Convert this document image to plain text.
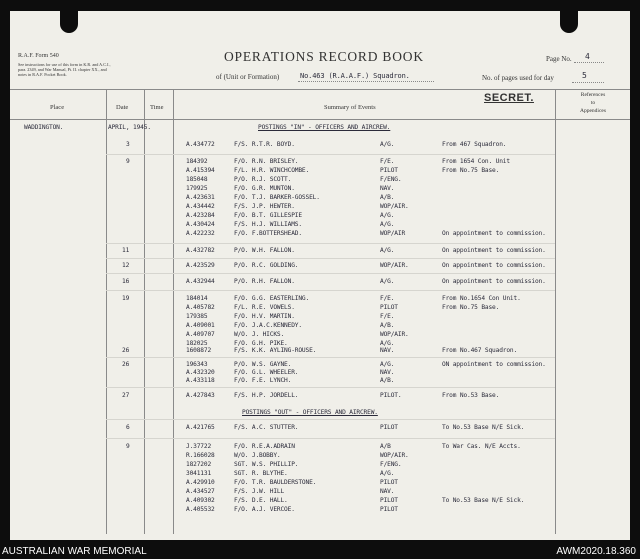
R.A.F. Form 540
See instructions for use of this form in K.R. and A.C.I.,
para. 2349, and War Manual, Pt. II. chapter XX., and
notes in R.A.F. Pocket Book.
OPERATIONS RECORD BOOK
of (Unit or Formation)	No.463 (R.A.A.F.) Squadron.
Page No. 4
No. of pages used for day	5
Place	Date	Time	Summary of Events
SECRET.	References
to
Appendices
WADDINGTON.	APRIL, 1945.	POSTINGS "IN" - OFFICERS AND AIRCREW.
3	A.434772	F/S. R.T.R. BOYD.	A/G.	From 467 Squadron.
9	184392	F/O. R.N. BRISLEY.	F/E.	From 1654 Con. Unit
A.415394	F/L. H.R. WINCHCOMBE.	PILOT	From No.75 Base.
185048	P/O. R.J. SCOTT.	F/ENG.
179925	F/O. G.R. MUNTON.	NAV.
A.423631	F/O. T.J. BARKER-GOSSEL.	A/B.
A.434442	F/S. J.P. HEWTER.	WOP/AIR.
A.423284	F/O. B.T. GILLESPIE	A/G.
A.430424	F/S. H.J. WILLIAMS.	A/G.
A.422232	F/O. F.BOTTERSHEAD.	WOP/AIR	On appointment to commission.
11	A.432782	P/O. W.H. FALLON.	A/G.	On appointment to commission.
12	A.423529	P/O. R.C. GOLDING.	WOP/AIR.	On appointment to commission.
16	A.432944	P/O. R.H. FALLON.	A/G.	On appointment to commission.
19	184014	F/O. G.G. EASTERLING.	F/E.	From No.1654 Con Unit.
A.405782	F/L. R.E. VOWELS.	PILOT	From No.75 Base.
179385	F/O. H.V. MARTIN.	F/E.
A.409001	F/O. J.A.C.KENNEDY.	A/B.
A.409707	W/O. J. HICKS.	WOP/AIR.
182025	F/O. G.H. PIKE.	A/G.
26	1608872	F/S. K.K. AYLING-ROUSE.	NAV.	From No.467 Squadron.
26	196343	P/O. W.S. GAYNE.	A/G.	ON appointment to commission.
A.432320	F/O. G.L. WHEELER.	NAV.
A.433118	F/O. F.E. LYNCH.	A/B.
27	A.427843	F/S. H.P. JORDELL.	PILOT.	From No.53 Base.
POSTINGS "OUT" - OFFICERS AND AIRCREW.
6	A.421765	F/S. A.C. STUTTER.	PILOT	To No.53 Base N/E Sick.
9	J.37722	F/O. R.E.A.ADRAIN	A/B	To War Cas. N/E Accts.
R.166028	W/O. J.BOBBY.	WOP/AIR.
1827202	SGT. W.S. PHILLIP.	F/ENG.
3041131	SGT. R. BLYTHE.	A/G.
A.429910	F/O. T.R. BAULDERSTONE.	PILOT
A.434527	F/S. J.W. HILL	NAV.
A.409302	F/S. D.E. HALL.	PILOT	To No.53 Base N/E Sick.
A.405532	F/O. A.J. VERCOE.	PILOT
AUSTRALIAN WAR MEMORIAL	AWM2020.18.360
